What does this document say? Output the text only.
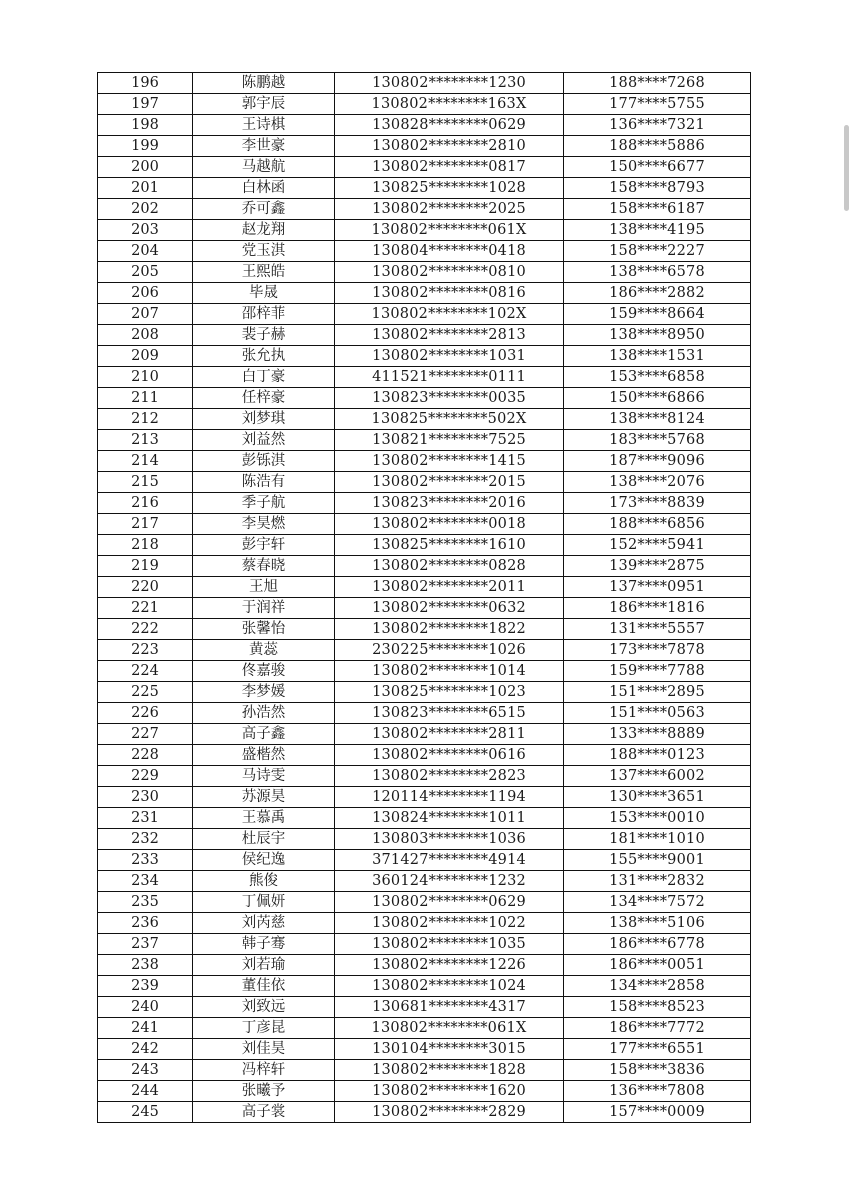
196	陈鹏越	130802********1230	188****7268
197	郭宇辰	130802********163X	177****5755
198	王诗棋	130828********0629	136****7321
199	李世豪	130802********2810	188****5886
200	马越航	130802********0817	150****6677
201	白林函	130825********1028	158****8793
202	乔可鑫	130802********2025	158****6187
203	赵龙翔	130802********061X	138****4195
204	党玉淇	130804********0418	158****2227
205	王熙皓	130802********0810	138****6578
206	毕晟	130802********0816	186****2882
207	邵梓菲	130802********102X	159****8664
208	裴子赫	130802********2813	138****8950
209	张允执	130802********1031	138****1531
210	白丁豪	411521********0111	153****6858
211	任梓豪	130823********0035	150****6866
212	刘梦琪	130825********502X	138****8124
213	刘益然	130821********7525	183****5768
214	彭铄淇	130802********1415	187****9096
215	陈浩有	130802********2015	138****2076
216	季子航	130823********2016	173****8839
217	李昊燃	130802********0018	188****6856
218	彭宇轩	130825********1610	152****5941
219	蔡春晓	130802********0828	139****2875
220	王旭	130802********2011	137****0951
221	于润祥	130802********0632	186****1816
222	张馨怡	130802********1822	131****5557
223	黄蕊	230225********1026	173****7878
224	佟嘉骏	130802********1014	159****7788
225	李梦媛	130825********1023	151****2895
226	孙浩然	130823********6515	151****0563
227	高子鑫	130802********2811	133****8889
228	盛楷然	130802********0616	188****0123
229	马诗雯	130802********2823	137****6002
230	苏源昊	120114********1194	130****3651
231	王慕禹	130824********1011	153****0010
232	杜辰宇	130803********1036	181****1010
233	侯纪逸	371427********4914	155****9001
234	熊俊	360124********1232	131****2832
235	丁佩妍	130802********0629	134****7572
236	刘芮慈	130802********1022	138****5106
237	韩子骞	130802********1035	186****6778
238	刘若瑜	130802********1226	186****0051
239	董佳依	130802********1024	134****2858
240	刘致远	130681********4317	158****8523
241	丁彦昆	130802********061X	186****7772
242	刘佳昊	130104********3015	177****6551
243	冯梓轩	130802********1828	158****3836
244	张曦予	130802********1620	136****7808
245	高子裳	130802********2829	157****0009
